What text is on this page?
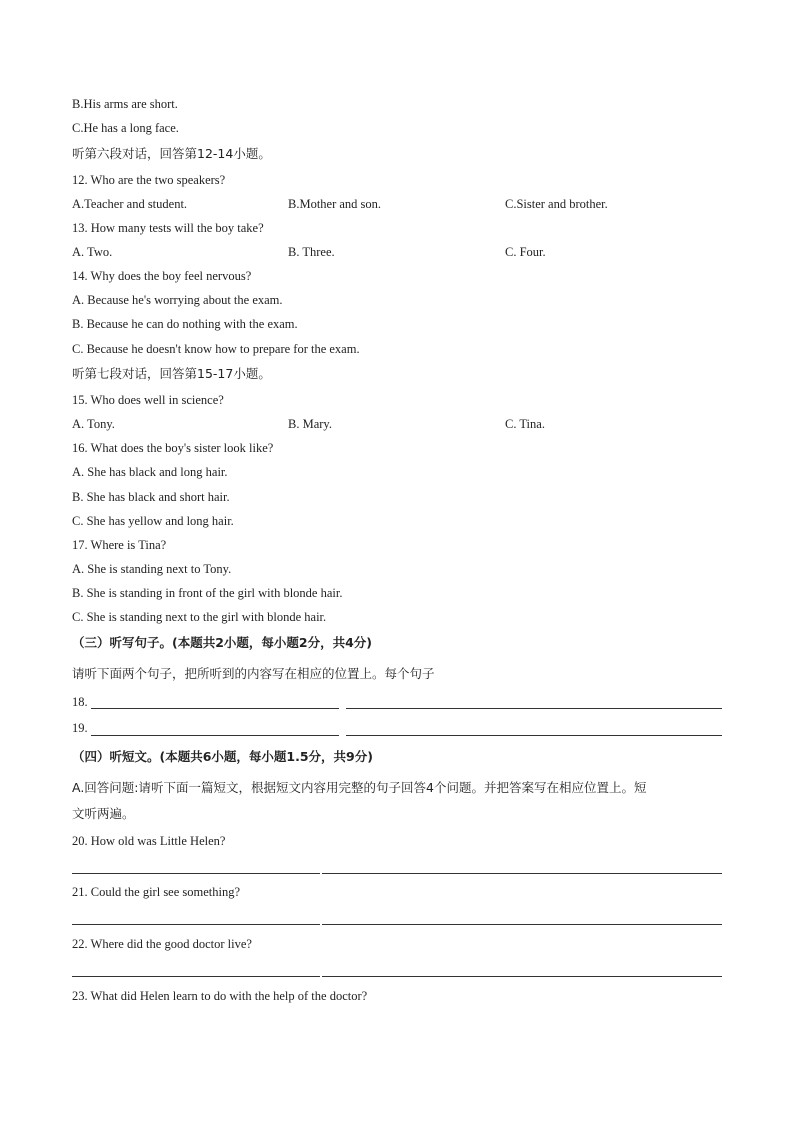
B.His arms are short.
C.He has a long face.
听第六段对话，回答第12-14小题。
12. Who are the two speakers?
A.Teacher and student.	B.Mother and son.	C.Sister and brother.
13. How many tests will the boy take?
A. Two.	B. Three.	C. Four.
14. Why does the boy feel nervous?
A. Because he's worrying about the exam.
B. Because he can do nothing with the exam.
C. Because he doesn't know how to prepare for the exam.
听第七段对话，回答第15-17小题。
15. Who does well in science?
A. Tony.	B. Mary.	C. Tina.
16. What does the boy's sister look like?
A. She has black and long hair.
B. She has black and short hair.
C. She has yellow and long hair.
17. Where is Tina?
A. She is standing next to Tony.
B. She is standing in front of the girl with blonde hair.
C. She is standing next to the girl with blonde hair.
（三）听写句子。(本题共2小题，每小题2分，共4分)
请听下面两个句子，把所听到的内容写在相应的位置上。每个句子
18.
19.
（四）听短文。(本题共6小题，每小题1.5分，共9分)
A.回答问题:请听下面一篇短文，根据短文内容用完整的句子回答4个问题。并把答案写在相应位置上。短
文听两遍。
20. How old was Little Helen?
21. Could the girl see something?
22. Where did the good doctor live?
23. What did Helen learn to do with the help of the doctor?
